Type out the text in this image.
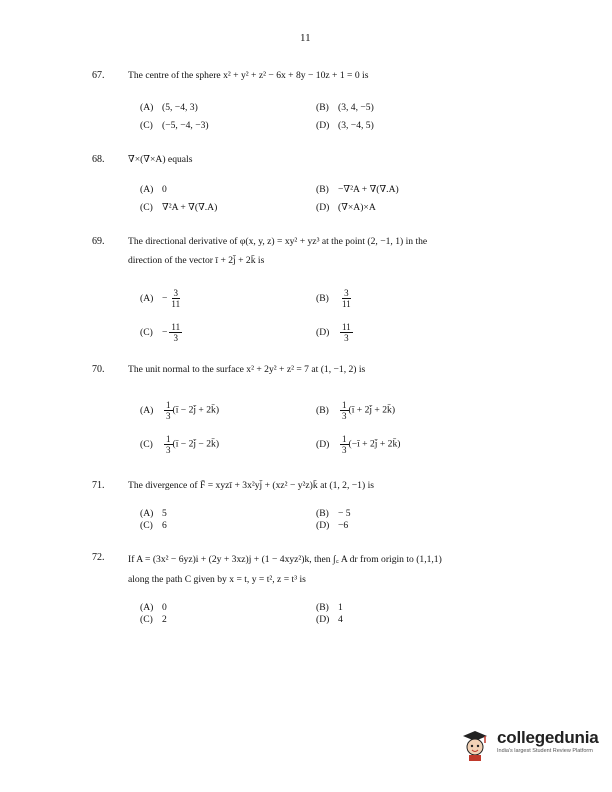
11
67. The centre of the sphere x² + y² + z² − 6x + 8y − 10z + 1 = 0 is
(A) (5, −4, 3)	(B) (3, 4, −5)
(C) (−5, −4, −3)	(D) (3, −4, 5)
68. ∇×(∇×A) equals
(A) 0	(B) −∇²A + ∇(∇.A)
(C) ∇²A + ∇(∇.A)	(D) (∇×A)×A
69. The directional derivative of φ(x, y, z) = xy² + yz³ at the point (2, −1, 1) in the
direction of the vector ī + 2j̄ + 2k̄ is
$(A) - \frac{3}{11}$	$(B) \frac{3}{11}$
$(C) - \frac{11}{3}$	$(D) \frac{11}{3}$
70. The unit normal to the surface x² + 2y² + z² = 7 at (1, −1, 2) is
$(A) \frac{1}{3}$ (ī − 2j̄ + 2k̄)	$(B) \frac{1}{3}$ (ī + 2j̄ + 2k̄)
$(C) \frac{1}{3}$ (ī − 2j̄ − 2k̄)	$(D) \frac{1}{3}$ (−ī + 2j̄ + 2k̄)
71. The divergence of F̄ = xyzī + 3x²yj̄ + (xz² − y²z)k̄ at (1, 2, −1) is
(A) 5	(B) − 5
(C) 6	(D) −6
72. If A = (3x² − 6yz)i + (2y + 3xz)j + (1 − 4xyz²)k, then ∫꜀ A dr from origin to (1,1,1)
along the path C given by x = t, y = t², z = t³ is
(A) 0	(B) 1
(C) 2	(D) 4

collegedunia
India's largest Student Review Platform
